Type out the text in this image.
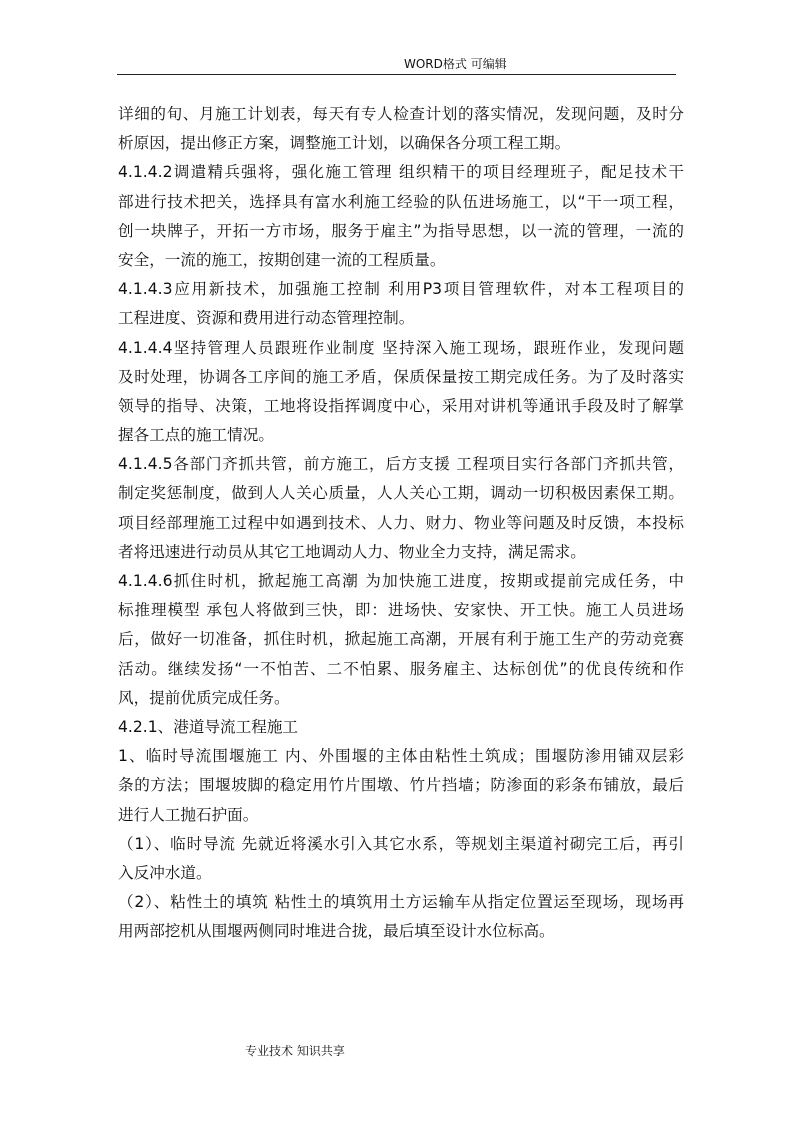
WORD格式 可编辑
详细的旬、月施工计划表，每天有专人检查计划的落实情况，发现问题，及时分
析原因，提出修正方案，调整施工计划，以确保各分项工程工期。
4.1.4.2调遣精兵强将，强化施工管理 组织精干的项目经理班子，配足技术干
部进行技术把关，选择具有富水利施工经验的队伍进场施工，以“干一项工程，
创一块牌子，开拓一方市场，服务于雇主”为指导思想，以一流的管理，一流的
安全，一流的施工，按期创建一流的工程质量。
4.1.4.3应用新技术，加强施工控制 利用P3项目管理软件，对本工程项目的
工程进度、资源和费用进行动态管理控制。
4.1.4.4坚持管理人员跟班作业制度 坚持深入施工现场，跟班作业，发现问题
及时处理，协调各工序间的施工矛盾，保质保量按工期完成任务。为了及时落实
领导的指导、决策，工地将设指挥调度中心，采用对讲机等通讯手段及时了解掌
握各工点的施工情况。
4.1.4.5各部门齐抓共管，前方施工，后方支援 工程项目实行各部门齐抓共管，
制定奖惩制度，做到人人关心质量，人人关心工期，调动一切积极因素保工期。
项目经部理施工过程中如遇到技术、人力、财力、物业等问题及时反馈，本投标
者将迅速进行动员从其它工地调动人力、物业全力支持，满足需求。
4.1.4.6抓住时机，掀起施工高潮 为加快施工进度，按期或提前完成任务，中
标推理模型 承包人将做到三快，即：进场快、安家快、开工快。施工人员进场
后，做好一切准备，抓住时机，掀起施工高潮，开展有利于施工生产的劳动竞赛
活动。继续发扬“一不怕苦、二不怕累、服务雇主、达标创优”的优良传统和作
风，提前优质完成任务。
4.2.1、港道导流工程施工
1、临时导流围堰施工 内、外围堰的主体由粘性土筑成；围堰防渗用铺双层彩
条的方法；围堰坡脚的稳定用竹片围墩、竹片挡墙；防渗面的彩条布铺放，最后
进行人工抛石护面。
（1）、临时导流 先就近将溪水引入其它水系，等规划主渠道衬砌完工后，再引
入反冲水道。
（2）、粘性土的填筑 粘性土的填筑用土方运输车从指定位置运至现场，现场再
用两部挖机从围堰两侧同时堆进合拢，最后填至设计水位标高。
专业技术 知识共享
